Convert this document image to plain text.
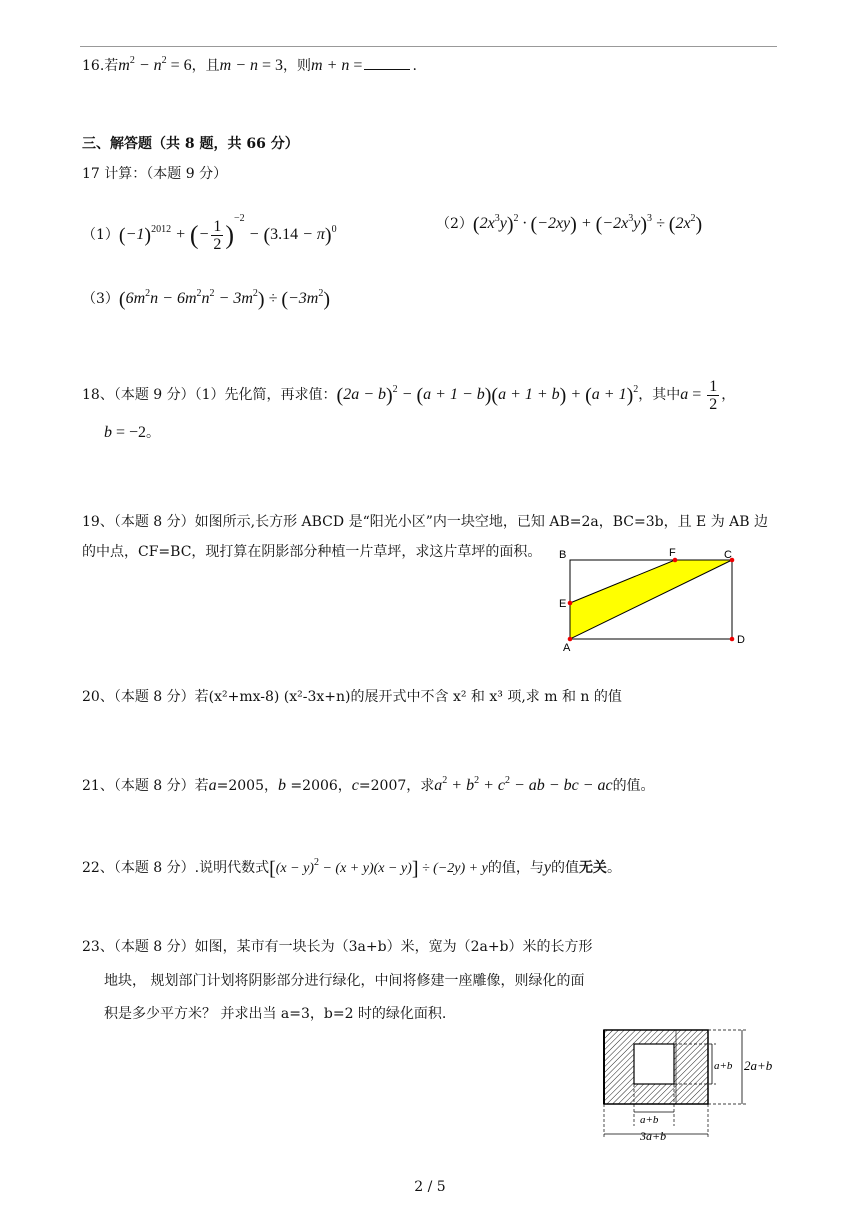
16.若$m^2 - n^2 = 6$，且m − n = 3，则m + n =	.
三、解答题（共 8 题，共 66 分）
17 计算：（本题 9 分）
$(1)(-1)^{2012}$ + (− $\frac{1}{2} )^{-2} - (3.14 - \pi)^0$	$(2)(2x^3y)^2 \cdot (-2xy) + (-2x^3y)^3 \div (2x^2)$
$(3)(6m^2n - 6m^2n^2 - 3m^2) \div (-3m^2)$
18、（本题 9 分）（1）先化简，再求值：$(2a - b)^2 - (a + 1 - b)(a + 1 + b) + (a + 1)^2$，其中$a = \frac{1}{2}$ ，
b = −2。
19、（本题 8 分）如图所示,长方形 ABCD 是“阳光小区”内一块空地，已知 AB=2a，BC=3b，且 E 为 AB 边的中点，CF=BC，现打算在阴影部分种植一片草坪，求这片草坪的面积。	B	F	C
E
A
D
20、（本题 8 分）若(x²+mx-8) (x²-3x+n)的展开式中不含 x² 和 x³ 项,求 m 和 n 的值
21、（本题 8 分）若a=2005，b =2006，c=2007，求$a^2 + b^2 + c^2$ − ab − bc − ac的值。
22、（本题 8 分）.说明代数式$[(x - y)^2 - (x + y)(x - y)] \div (-2y) + y$的值，与y的值无关。
23、（本题 8 分）如图，某市有一块长为（3a+b）米，宽为（2a+b）米的长方形
地块， 规划部门计划将阴影部分进行绿化，中间将修建一座雕像，则绿化的面
积是多少平方米？ 并求出当 a=3，b=2 时的绿化面积.
a+b 2a+b
a+b
3a+b
2 / 5
